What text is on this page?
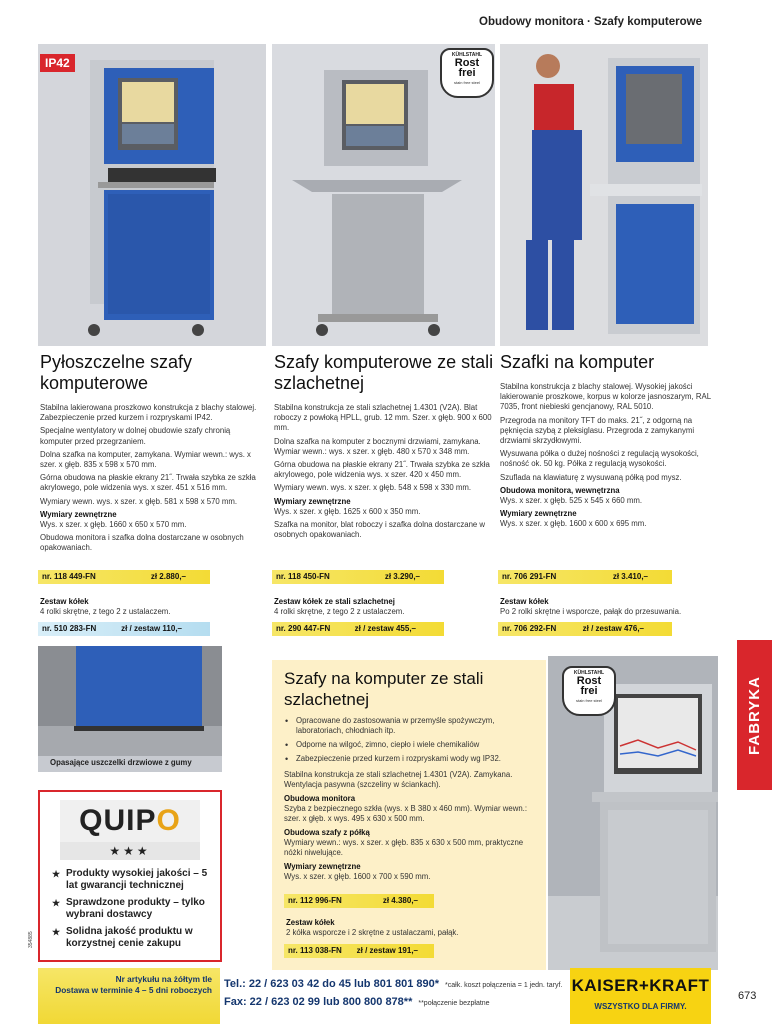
Obudowy monitora · Szafy komputerowe
KÜHLSTAHL
Rost
frei
stain free steel
IP42
Pyłoszczelne szafy komputerowe

Stabilna lakierowana proszkowo konstrukcja z blachy stalowej. Zabezpieczenie przed kurzem i rozpryskami IP42.

Specjalne wentylatory w dolnej obudowie szafy chronią komputer przed przegrzaniem.

Dolna szafka na komputer, zamykana. Wymiar wewn.: wys. x szer. x głęb. 835 x 598 x 570 mm.

Górna obudowa na płaskie ekrany 21˝. Trwała szybka ze szkła akrylowego, pole widzenia wys. x szer. 451 x 516 mm.

Wymiary wewn. wys. x szer. x głęb. 581 x 598 x 570 mm.

Wymiary zewnętrzne

Wys. x szer. x głęb. 1660 x 650 x 570 mm.

Obudowa monitora i szafka dolna dostarczane w osobnych opakowaniach.

nr. 118 449-FN	zł 2.880,–
Zestaw kółek
4 rolki skrętne, z tego 2 z ustalaczem.
nr. 510 283-FN	zł / zestaw 110,–
Szafy komputerowe ze stali szlachetnej

Stabilna konstrukcja ze stali szlachetnej 1.4301 (V2A). Blat roboczy z powłoką HPLL, grub. 12 mm. Szer. x głęb. 900 x 600 mm.

Dolna szafka na komputer z bocznymi drzwiami, zamykana. Wymiar wewn.: wys. x szer. x głęb. 480 x 570 x 348 mm.

Górna obudowa na płaskie ekrany 21˝. Trwała szybka ze szkła akrylowego, pole widzenia wys. x szer. 420 x 450 mm.

Wymiary wewn. wys. x szer. x głęb. 548 x 598 x 330 mm.

Wymiary zewnętrzne

Wys. x szer. x głęb. 1625 x 600 x 350 mm.

Szafka na monitor, blat roboczy i szafka dolna dostarczane w osobnych opakowaniach.

nr. 118 450-FN	zł 3.290,–
Zestaw kółek ze stali szlachetnej
4 rolki skrętne, z tego 2 z ustalaczem.
nr. 290 447-FN	zł / zestaw 455,–
Szafki na komputer

Stabilna konstrukcja z blachy stalowej. Wysokiej jakości lakierowanie proszkowe, korpus w kolorze jasnoszarym, RAL 7035, front niebieski gencjanowy, RAL 5010.

Przegroda na monitory TFT do maks. 21˝, z odgorną na pęknięcia szybą z pleksiglasu. Przegroda z zamykanymi drzwiami skrzydłowymi.

Wysuwana półka o dużej nośności z regulacją wysokości, nośność ok. 50 kg. Półka z regulacją wysokości.

Szuflada na klawiaturę z wysuwaną półką pod mysz.

Obudowa monitora, wewnętrzna

Wys. x szer. x głęb. 525 x 545 x 660 mm.

Wymiary zewnętrzne

Wys. x szer. x głęb. 1600 x 600 x 695 mm.

nr. 706 291-FN	zł 3.410,–
Zestaw kółek
Po 2 rolki skrętne i wsporcze, pałąk do przesuwania.
nr. 706 292-FN	zł / zestaw 476,–
Opasające uszczelki drzwiowe z gumy
FABRYKA
QUIPO
★★★
★ Produkty wysokiej jakości – 5 lat gwarancji technicznej
★ Sprawdzone produkty – tylko wybrani dostawcy
★ Solidna jakość produktu w korzystnej cenie zakupu
Szafy na komputer ze stali szlachetnej
• Opracowane do zastosowania w przemyśle spożywczym, laboratoriach, chłodniach itp.
• Odporne na wilgoć, zimno, ciepło i wiele chemikaliów
• Zabezpieczenie przed kurzem i rozpryskami wody wg IP32.
Stabilna konstrukcja ze stali szlachetnej 1.4301 (V2A). Zamykana. Wentylacja pasywna (szczeliny w ściankach).
Obudowa monitora
Szyba z bezpiecznego szkła (wys. x B 380 x 460 mm). Wymiar wewn.: szer. x głęb. x wys. 495 x 630 x 500 mm.
Obudowa szafy z półką
Wymiary wewn.: wys. x szer. x głęb. 835 x 630 x 500 mm, praktyczne nóżki niwelujące.
Wymiary zewnętrzne
Wys. x szer. x głęb. 1600 x 700 x 590 mm.
nr. 112 996-FN	zł 4.380,–
Zestaw kółek
2 kółka wsporcze i 2 skrętne z ustalaczami, pałąk.
nr. 113 038-FN zł / zestaw 191,–
KÜHLSTAHL
Rost
frei
stain free steel
354885
Nr artykułu na żółtym tle
Dostawa w terminie 4 – 5 dni roboczych Tel.: 22 / 623 03 42 do 45 lub 801 801 890* *całk. koszt połączenia = 1 jedn. taryf.
Fax: 22 / 623 02 99 lub 800 800 878** **połączenie bezpłatne
KAISER+KRAFT
WSZYSTKO DLA FIRMY.
673
